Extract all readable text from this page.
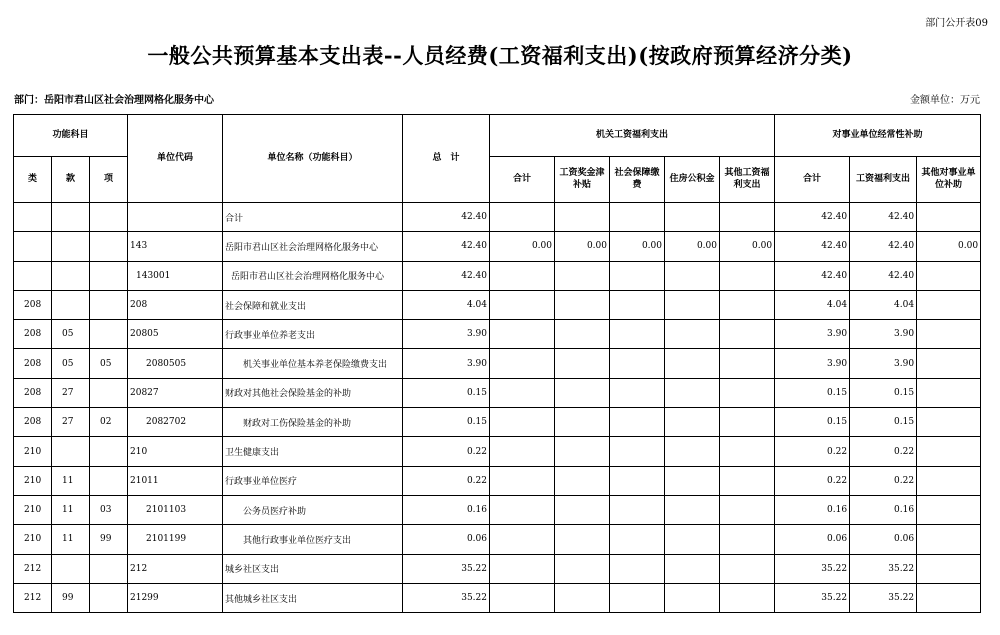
部门公开表09
一般公共预算基本支出表--人员经费(工资福利支出)(按政府预算经济分类)
部门：岳阳市君山区社会治理网格化服务中心	金额单位：万元
功能科目			单位代码	单位名称（功能科目）	总　计	机关工资福利支出					对事业单位经常性补助		
类	款	项				合计	工资奖金津补贴	社会保障缴费	住房公积金	其他工资福利支出	合计	工资福利支出	其他对事业单位补助
				合计	42.40						42.40	42.40	
			143	岳阳市君山区社会治理网格化服务中心	42.40	0.00	0.00	0.00	0.00	0.00	42.40	42.40	0.00
			143001	岳阳市君山区社会治理网格化服务中心	42.40						42.40	42.40	
208			208	社会保障和就业支出	4.04						4.04	4.04	
208	05		20805	行政事业单位养老支出	3.90						3.90	3.90	
208	05	05	2080505	机关事业单位基本养老保险缴费支出	3.90						3.90	3.90	
208	27		20827	财政对其他社会保险基金的补助	0.15						0.15	0.15	
208	27	02	2082702	财政对工伤保险基金的补助	0.15						0.15	0.15	
210			210	卫生健康支出	0.22						0.22	0.22	
210	11		21011	行政事业单位医疗	0.22						0.22	0.22	
210	11	03	2101103	公务员医疗补助	0.16						0.16	0.16	
210	11	99	2101199	其他行政事业单位医疗支出	0.06						0.06	0.06	
212			212	城乡社区支出	35.22						35.22	35.22	
212	99		21299	其他城乡社区支出	35.22						35.22	35.22	
